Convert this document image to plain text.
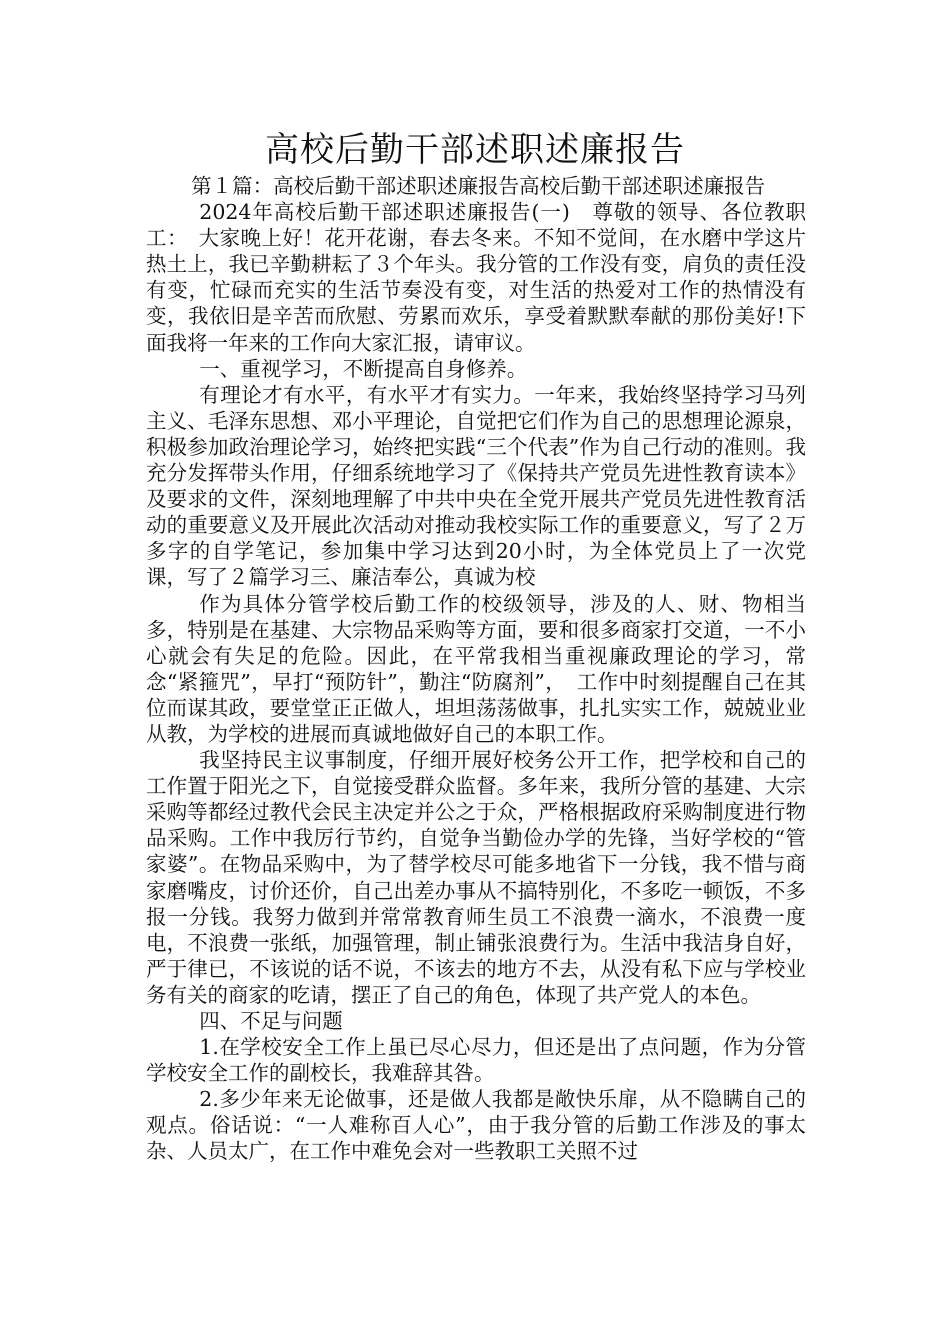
高校后勤干部述职述廉报告

第１篇：高校后勤干部述职述廉报告高校后勤干部述职述廉报告

2024年高校后勤干部述职述廉报告(一)　尊敬的领导、各位教职工：　大家晚上好！花开花谢，春去冬来。不知不觉间，在水磨中学这片热土上，我已辛勤耕耘了３个年头。我分管的工作没有变，肩负的责任没有变，忙碌而充实的生活节奏没有变，对生活的热爱对工作的热情没有变，我依旧是辛苦而欣慰、劳累而欢乐，享受着默默奉献的那份美好!下面我将一年来的工作向大家汇报，请审议。

一、重视学习，不断提高自身修养。

有理论才有水平，有水平才有实力。一年来，我始终坚持学习马列主义、毛泽东思想、邓小平理论，自觉把它们作为自己的思想理论源泉，积极参加政治理论学习，始终把实践“三个代表”作为自己行动的准则。我充分发挥带头作用，仔细系统地学习了《保持共产党员先进性教育读本》及要求的文件，深刻地理解了中共中央在全党开展共产党员先进性教育活动的重要意义及开展此次活动对推动我校实际工作的重要意义，写了２万多字的自学笔记，参加集中学习达到20小时，为全体党员上了一次党课，写了２篇学习三、廉洁奉公，真诚为校

作为具体分管学校后勤工作的校级领导，涉及的人、财、物相当多，特别是在基建、大宗物品采购等方面，要和很多商家打交道，一不小心就会有失足的危险。因此，在平常我相当重视廉政理论的学习，常念“紧箍咒”，早打“预防针”，勤注“防腐剂”，　工作中时刻提醒自己在其位而谋其政，要堂堂正正做人，坦坦荡荡做事，扎扎实实工作，兢兢业业从教，为学校的进展而真诚地做好自己的本职工作。

我坚持民主议事制度，仔细开展好校务公开工作，把学校和自己的工作置于阳光之下，自觉接受群众监督。多年来，我所分管的基建、大宗采购等都经过教代会民主决定并公之于众，严格根据政府采购制度进行物品采购。工作中我厉行节约，自觉争当勤俭办学的先锋，当好学校的“管家婆”。在物品采购中，为了替学校尽可能多地省下一分钱，我不惜与商家磨嘴皮，讨价还价，自己出差办事从不搞特别化，不多吃一顿饭，不多报一分钱。我努力做到并常常教育师生员工不浪费一滴水，不浪费一度电，不浪费一张纸，加强管理，制止铺张浪费行为。生活中我洁身自好，严于律已，不该说的话不说，不该去的地方不去，从没有私下应与学校业务有关的商家的吃请，摆正了自己的角色，体现了共产党人的本色。

四、不足与问题

1.在学校安全工作上虽已尽心尽力，但还是出了点问题，作为分管学校安全工作的副校长，我难辞其咎。

2.多少年来无论做事，还是做人我都是敞快乐扉，从不隐瞒自己的观点。俗话说：“一人难称百人心”，由于我分管的后勤工作涉及的事太杂、人员太广，在工作中难免会对一些教职工关照不过
